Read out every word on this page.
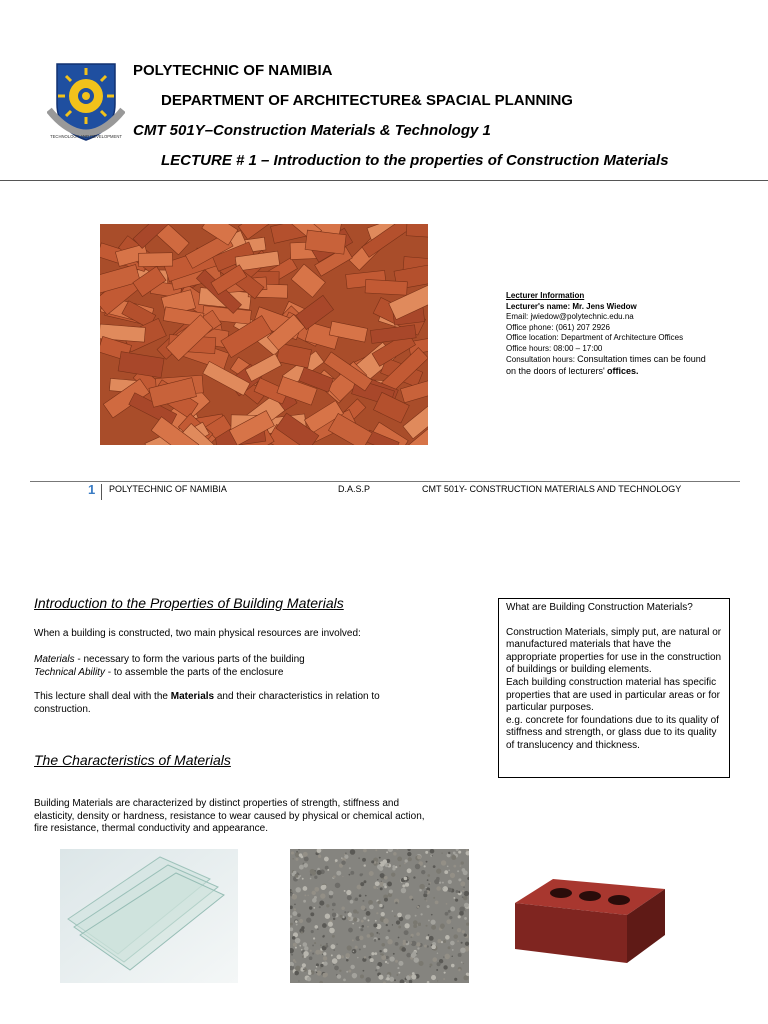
TECHNOLOGY AND DEVELOPMENT
POLYTECHNIC OF NAMIBIA
DEPARTMENT OF ARCHITECTURE& SPACIAL PLANNING
CMT 501Y–Construction Materials & Technology 1
LECTURE # 1 – Introduction to the properties of Construction Materials
Lecturer Information
Lecturer's name: Mr. Jens Wiedow
Email: jwiedow@polytechnic.edu.na
Office phone: (061) 207 2926
Office location: Department of Architecture Offices
Office hours: 08:00 – 17:00
Consultation hours: Consultation times can be found on the doors of lecturers' offices.
1 POLYTECHNIC OF NAMIBIA	D.A.S.P	CMT 501Y- CONSTRUCTION MATERIALS AND TECHNOLOGY
Introduction to the Properties of Building Materials
When a building is constructed, two main physical resources are involved:
Materials - necessary to form the various parts of the building
Technical Ability - to assemble the parts of the enclosure
This lecture shall deal with the Materials and their characteristics in relation to construction.
The Characteristics of Materials
Building Materials are characterized by distinct properties of strength, stiffness and elasticity, density or hardness, resistance to wear caused by physical or chemical action, fire resistance, thermal conductivity and appearance.

What are Building Construction Materials?

Construction Materials, simply put, are natural or manufactured materials that have the appropriate properties for use in the construction of buildings or building elements.

Each building construction material has specific properties that are used in particular areas or for particular purposes.

e.g. concrete for foundations due to its quality of stiffness and strength, or glass due to its quality of translucency and thickness.
